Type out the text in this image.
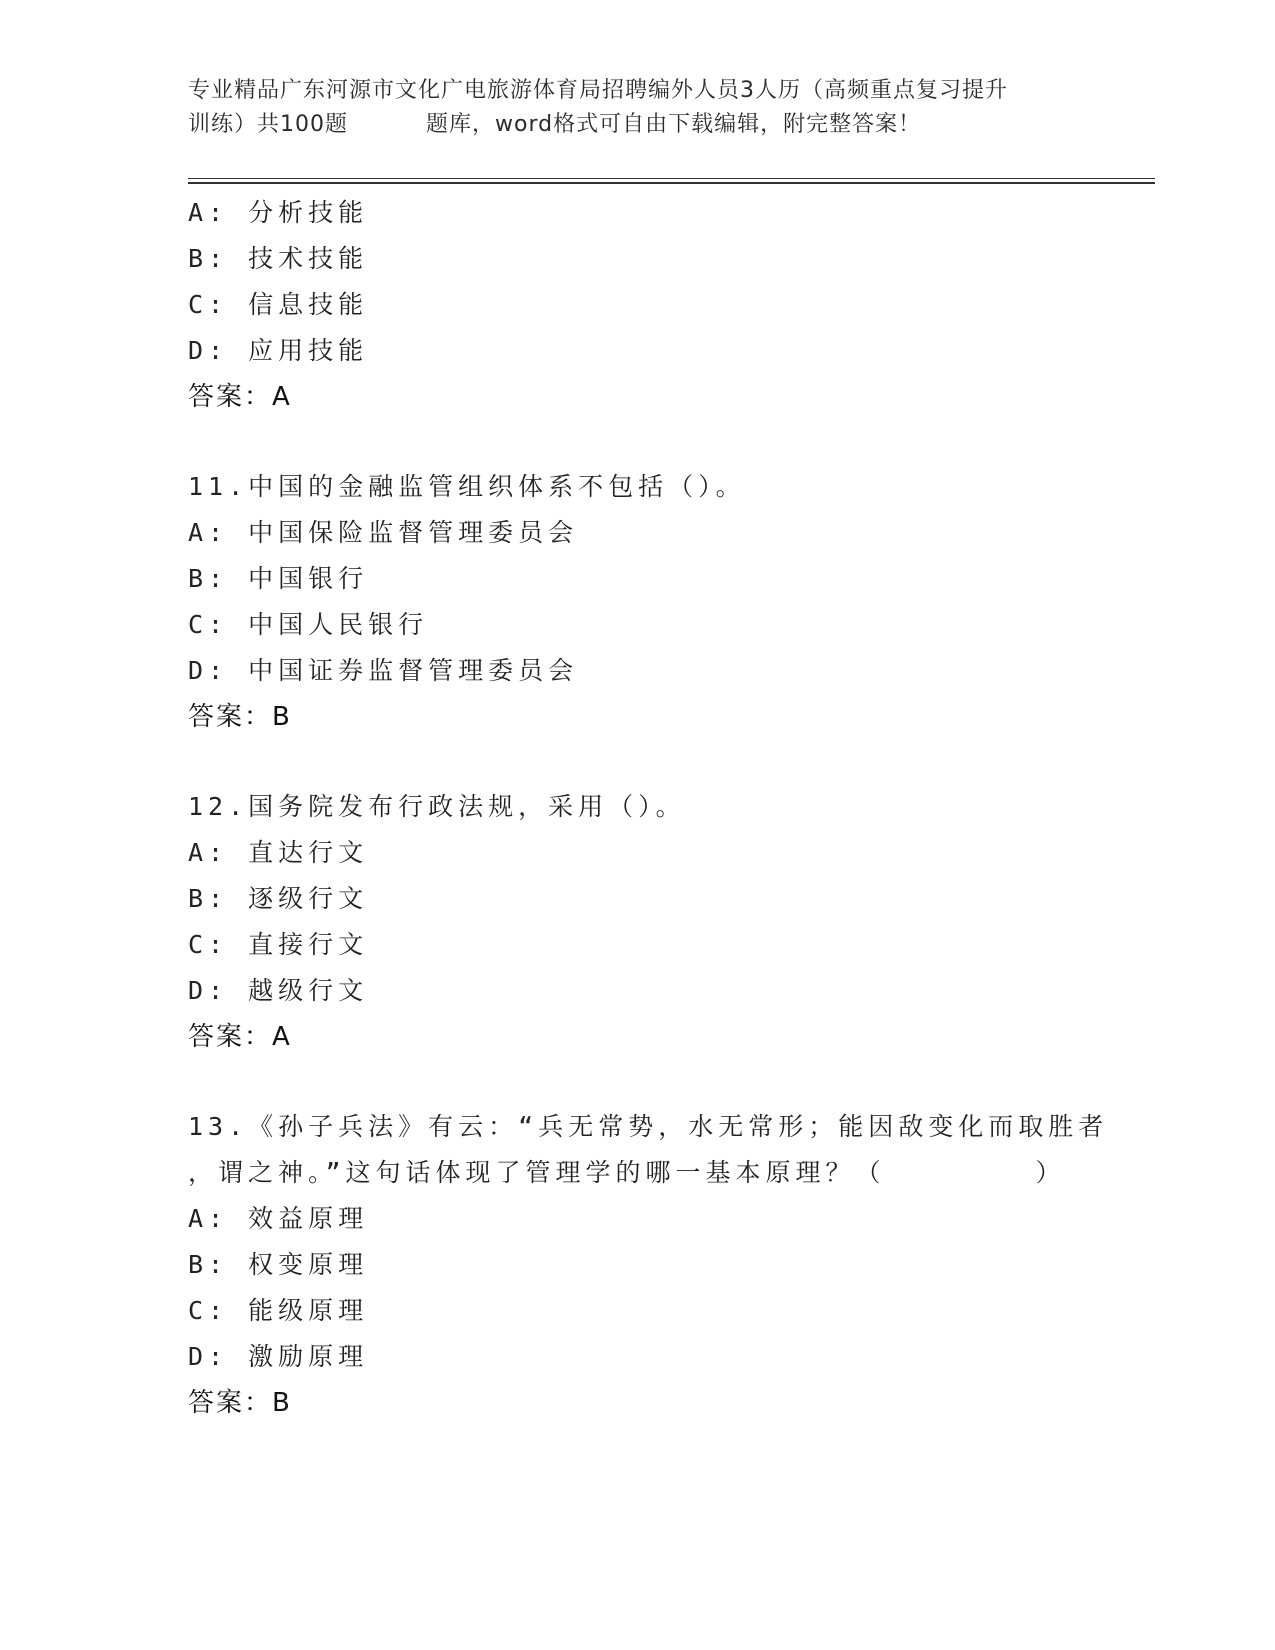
专业精品广东河源市文化广电旅游体育局招聘编外人员3人历（高频重点复习提升
训练）共100题	题库，word格式可自由下载编辑，附完整答案！
A: 分析技能
B: 技术技能
C: 信息技能
D: 应用技能
答案：A
11.中国的金融监管组织体系不包括（）。
A: 中国保险监督管理委员会
B: 中国银行
C: 中国人民银行
D: 中国证券监督管理委员会
答案：B
12.国务院发布行政法规，采用（）。
A: 直达行文
B: 逐级行文
C: 直接行文
D: 越级行文
答案：A
13.《孙子兵法》有云：“兵无常势，水无常形；能因敌变化而取胜者
，谓之神。”这句话体现了管理学的哪一基本原理？（　　　　　）
A: 效益原理
B: 权变原理
C: 能级原理
D: 激励原理
答案：B
